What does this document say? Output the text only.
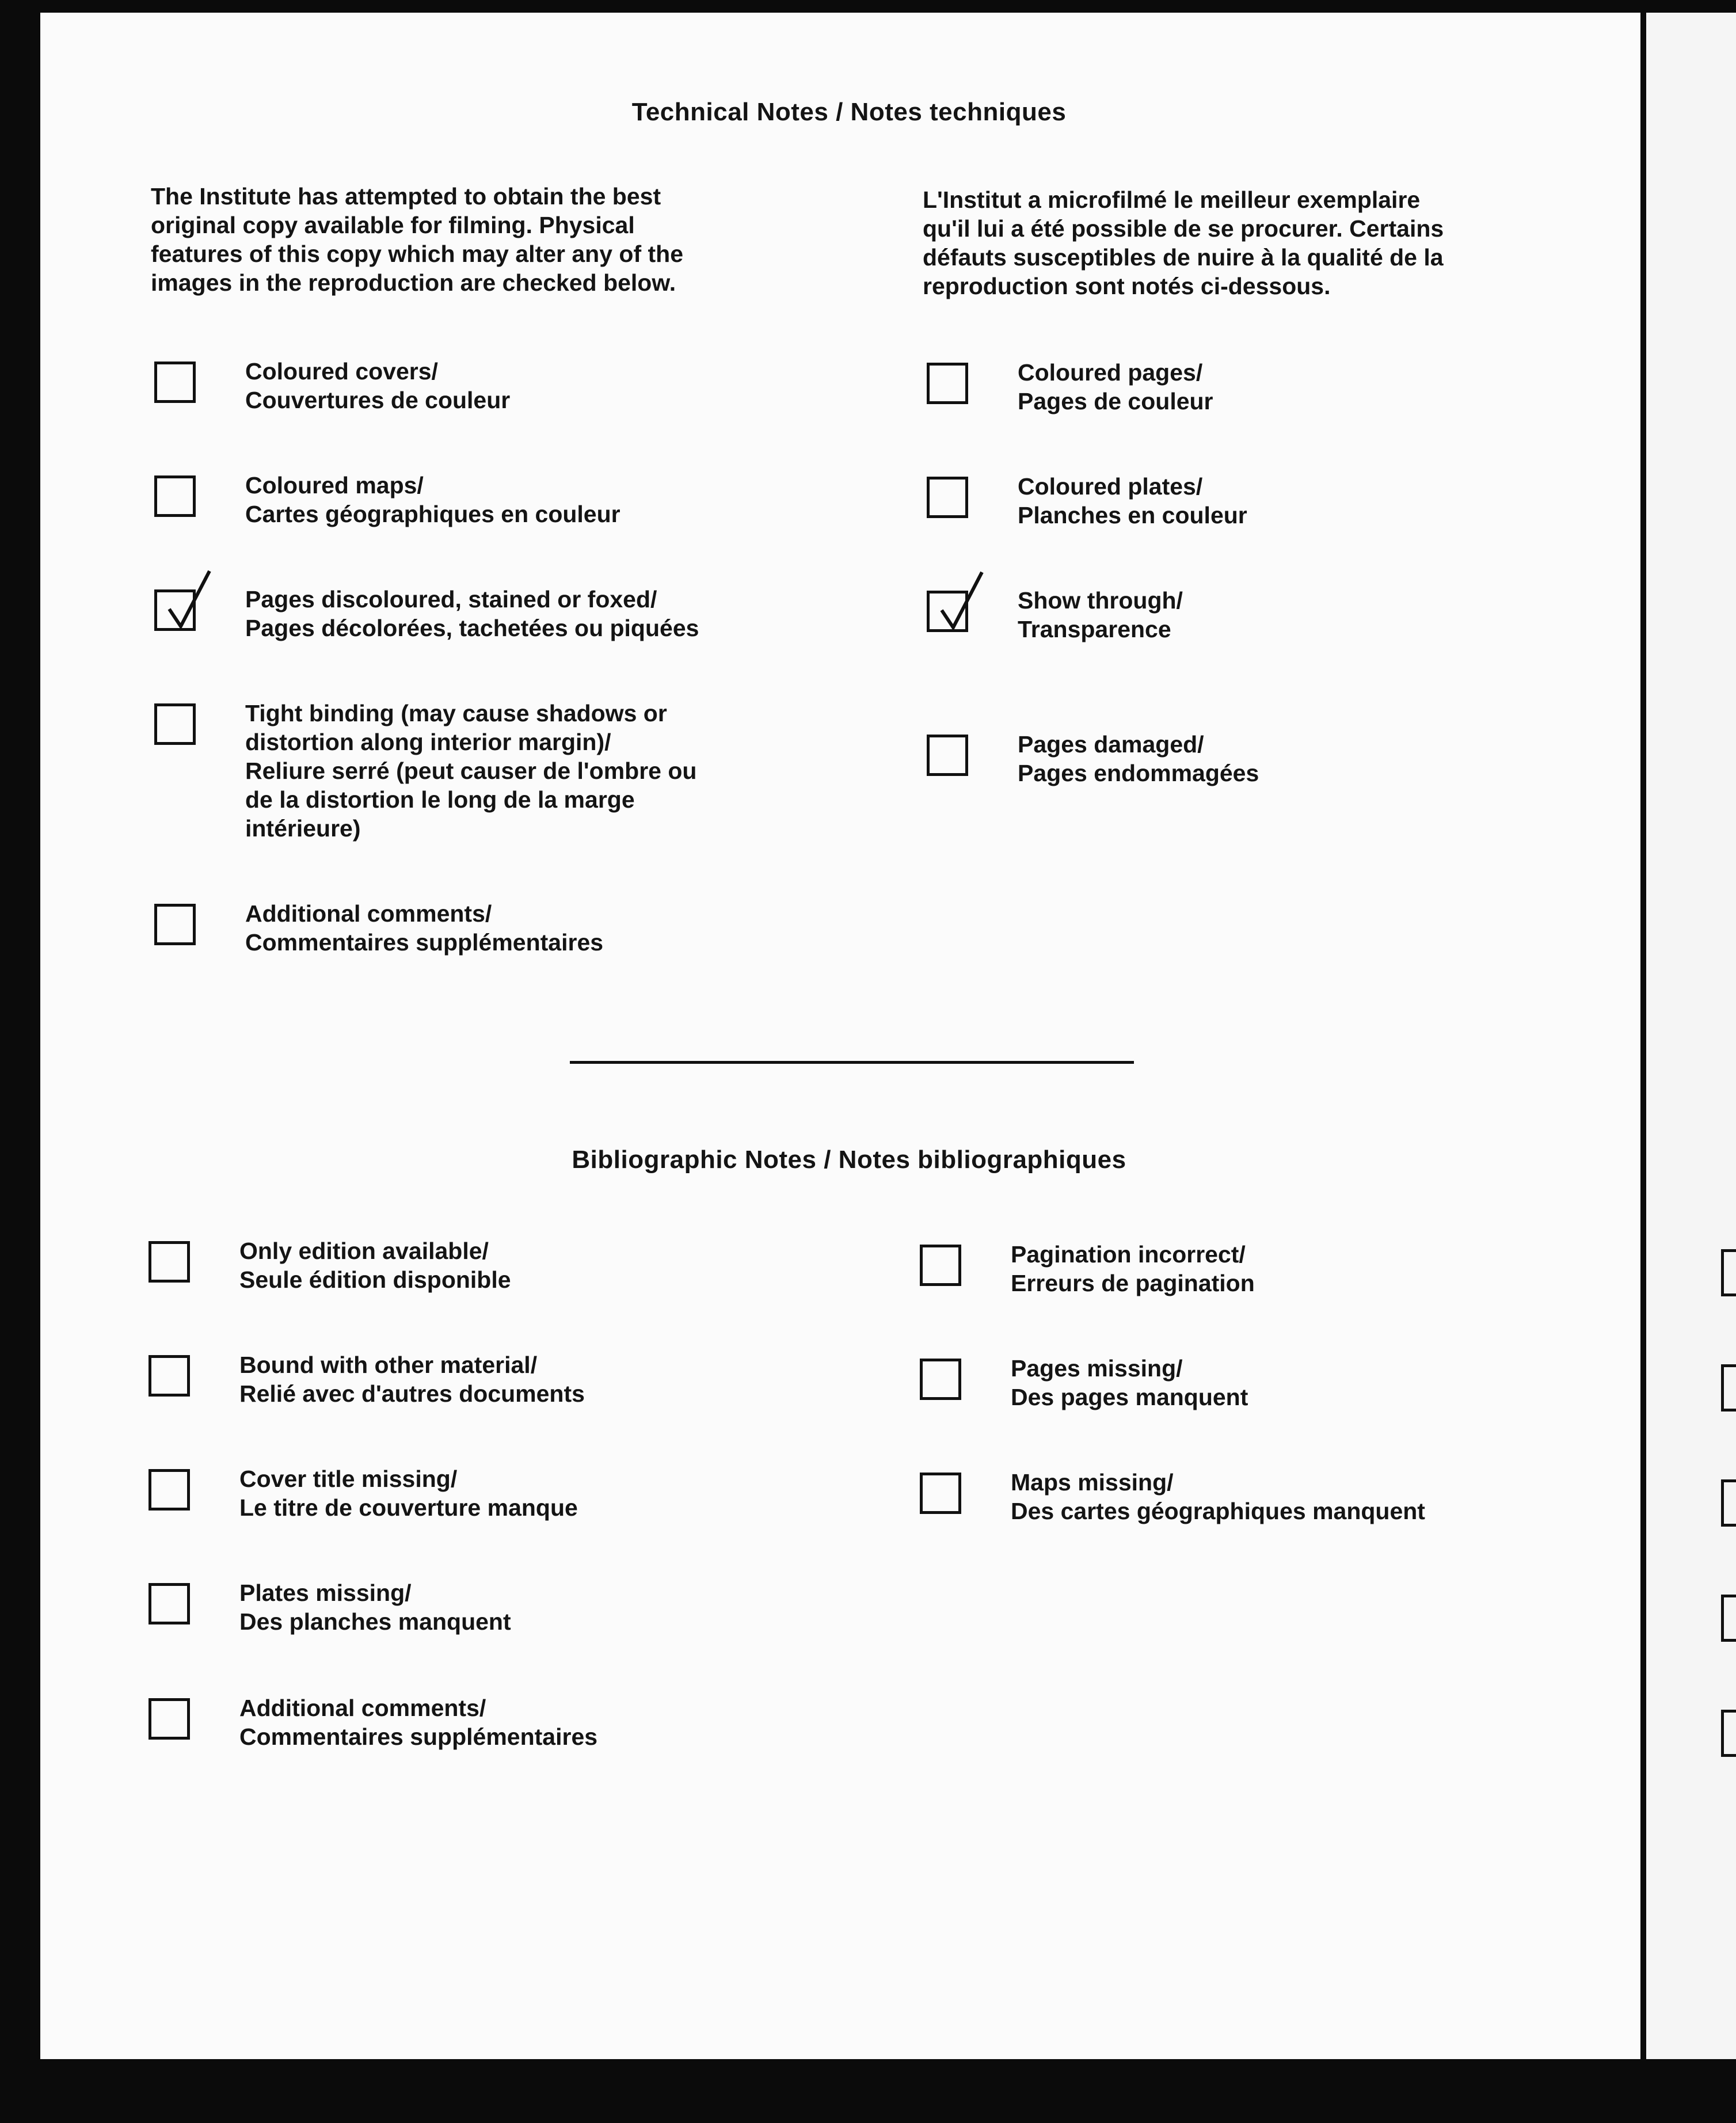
Technical Notes / Notes techniques
The Institute has attempted to obtain the best
original copy available for filming. Physical
features of this copy which may alter any of the
images in the reproduction are checked below.
L'Institut a microfilmé le meilleur exemplaire
qu'il lui a été possible de se procurer. Certains
défauts susceptibles de nuire à la qualité de la
reproduction sont notés ci-dessous.
Coloured covers/
Couvertures de couleur
Coloured maps/
Cartes géographiques en couleur
Pages discoloured, stained or foxed/
Pages décolorées, tachetées ou piquées
Tight binding (may cause shadows or
distortion along interior margin)/
Reliure serré (peut causer de l'ombre ou
de la distortion le long de la marge
intérieure)
Additional comments/
Commentaires supplémentaires
Coloured pages/
Pages de couleur
Coloured plates/
Planches en couleur
Show through/
Transparence
Pages damaged/
Pages endommagées
Only edition available/
Seule édition disponible
Bound with other material/
Relié avec d'autres documents
Cover title missing/
Le titre de couverture manque
Plates missing/
Des planches manquent
Additional comments/
Commentaires supplémentaires
Pagination incorrect/
Erreurs de pagination
Pages missing/
Des pages manquent
Maps missing/
Des cartes géographiques manquent
Bibliographic Notes / Notes bibliographiques
